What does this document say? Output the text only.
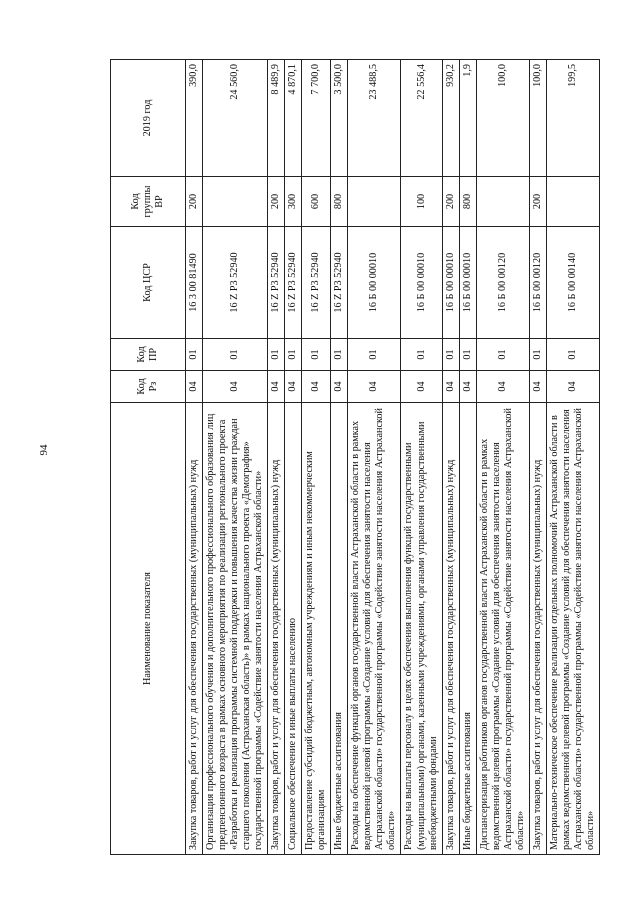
94
Наименование показателя	Код Рз	Код ПР	Код ЦСР	Код группы ВР	2019 год
Закупка товаров, работ и услуг для обеспечения государственных (муниципальных) нужд	04	01	16 3 00 81490	200	390,0
Организация профессионального обучения и дополнительного профессионального образования лиц предпенсионного возраста в рамках основного мероприятия по реализации регионального проекта «Разработка и реализация программы системной поддержки и повышения качества жизни граждан старшего поколения (Астраханская область)» в рамках национального проекта «Демография» государственной программы «Содействие занятости населения Астраханской области»	04	01	16 Z P3 52940		24 560,0
Закупка товаров, работ и услуг для обеспечения государственных (муниципальных) нужд	04	01	16 Z P3 52940	200	8 489,9
Социальное обеспечение и иные выплаты населению	04	01	16 Z P3 52940	300	4 870,1
Предоставление субсидий бюджетным, автономным учреждениям и иным некоммерческим организациям	04	01	16 Z P3 52940	600	7 700,0
Иные бюджетные ассигнования	04	01	16 Z P3 52940	800	3 500,0
Расходы на обеспечение функций органов государственной власти Астраханской области в рамках ведомственной целевой программы «Создание условий для обеспечения занятости населения Астраханской области» государственной программы «Содействие занятости населения Астраханской области»	04	01	16 Б 00 00010		23 488,5
Расходы на выплаты персоналу в целях обеспечения выполнения функций государственными (муниципальными) органами, казенными учреждениями, органами управления государственными внебюджетными фондами	04	01	16 Б 00 00010	100	22 556,4
Закупка товаров, работ и услуг для обеспечения государственных (муниципальных) нужд	04	01	16 Б 00 00010	200	930,2
Иные бюджетные ассигнования	04	01	16 Б 00 00010	800	1,9
Диспансеризация работников органов государственной власти Астраханской области в рамках ведомственной целевой программы «Создание условий для обеспечения занятости населения Астраханской области» государственной программы «Содействие занятости населения Астраханской области»	04	01	16 Б 00 00120		100,0
Закупка товаров, работ и услуг для обеспечения государственных (муниципальных) нужд	04	01	16 Б 00 00120	200	100,0
Материально-техническое обеспечение реализации отдельных полномочий Астраханской области в рамках ведомственной целевой программы «Создание условий для обеспечения занятости населения Астраханской области» государственной программы «Содействие занятости населения Астраханской области»	04	01	16 Б 00 00140		199,5
